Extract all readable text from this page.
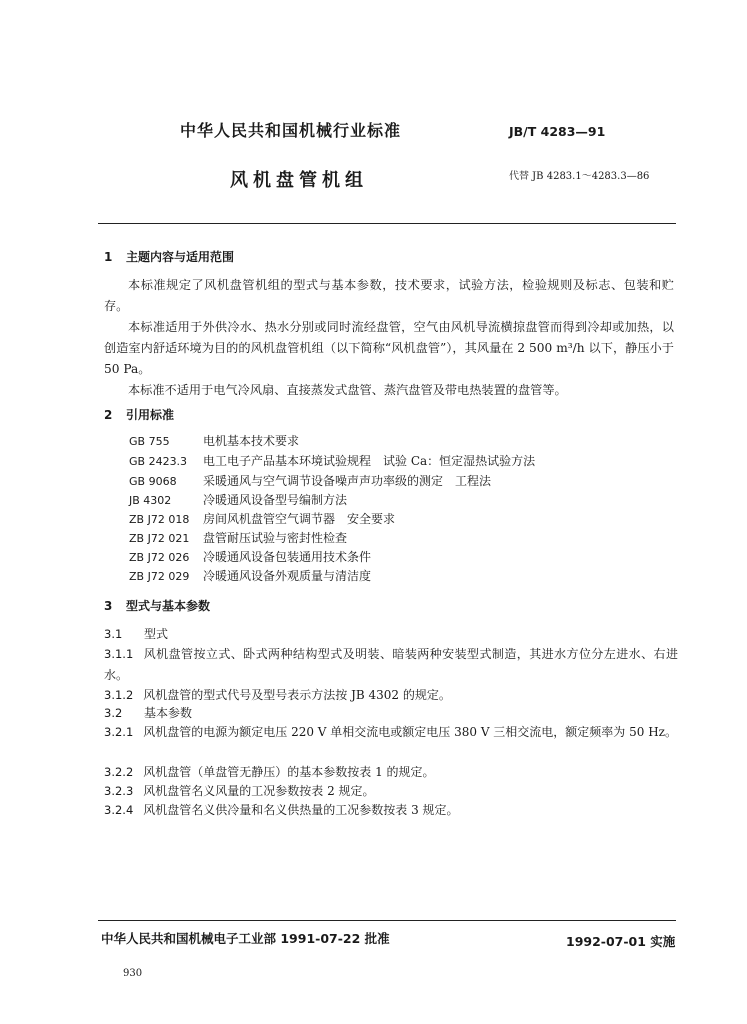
中华人民共和国机械行业标准	JB/T 4283—91
风机盘管机组	代替 JB 4283.1～4283.3—86
1 主题内容与适用范围
本标准规定了风机盘管机组的型式与基本参数，技术要求，试验方法，检验规则及标志、包装和贮存。
本标准适用于外供冷水、热水分别或同时流经盘管，空气由风机导流横掠盘管而得到冷却或加热，以创造室内舒适环境为目的的风机盘管机组（以下简称“风机盘管”），其风量在 2 500 m³/h 以下，静压小于 50 Pa。
本标准不适用于电气冷风扇、直接蒸发式盘管、蒸汽盘管及带电热装置的盘管等。
2 引用标准
GB 755	电机基本技术要求
GB 2423.3 电工电子产品基本环境试验规程　试验 Ca：恒定湿热试验方法
GB 9068 采暖通风与空气调节设备噪声声功率级的测定　工程法
JB 4302	冷暖通风设备型号编制方法
ZB J72 018 房间风机盘管空气调节器　安全要求
ZB J72 021 盘管耐压试验与密封性检查
ZB J72 026 冷暖通风设备包装通用技术条件
ZB J72 029 冷暖通风设备外观质量与清洁度
3 型式与基本参数
3.1 型式
3.1.1 风机盘管按立式、卧式两种结构型式及明装、暗装两种安装型式制造，其进水方位分左进水、右进水。
3.1.2 风机盘管的型式代号及型号表示方法按 JB 4302 的规定。
3.2 基本参数
3.2.1 风机盘管的电源为额定电压 220 V 单相交流电或额定电压 380 V 三相交流电，额定频率为 50 Hz。
3.2.2 风机盘管（单盘管无静压）的基本参数按表 1 的规定。
3.2.3 风机盘管名义风量的工况参数按表 2 规定。
3.2.4 风机盘管名义供冷量和名义供热量的工况参数按表 3 规定。
中华人民共和国机械电子工业部 1991-07-22 批准	1992-07-01 实施
930
